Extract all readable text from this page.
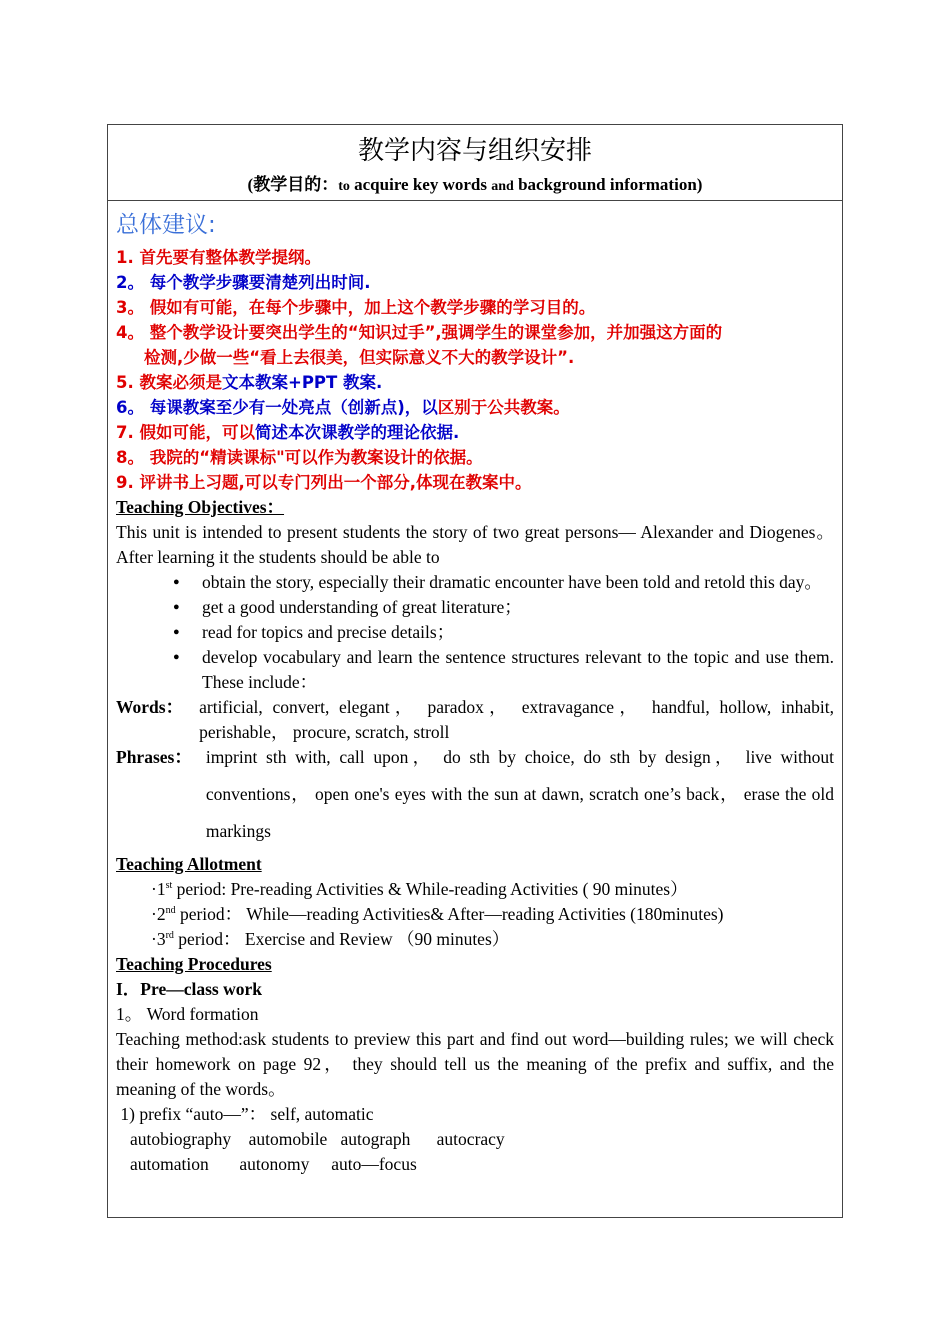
教学内容与组织安排
(教学目的：to acquire key words and background information)
总体建议:
1. 首先要有整体教学提纲。
2。 每个教学步骤要清楚列出时间.
3。 假如有可能，在每个步骤中，加上这个教学步骤的学习目的。
4。 整个教学设计要突出学生的“知识过手”,强调学生的课堂参加，并加强这方面的
检测,少做一些“看上去很美，但实际意义不大的教学设计”.
5. 教案必须是文本教案+PPT 教案.
6。 每课教案至少有一处亮点（创新点)，以区别于公共教案。
7. 假如可能，可以简述本次课教学的理论依据.
8。 我院的“精读课标"可以作为教案设计的依据。
9. 评讲书上习题,可以专门列出一个部分,体现在教案中。
Teaching Objectives：
This unit is intended to present students the story of two great persons— Alexander and Diogenes。 After learning it the students should be able to
● obtain the story, especially their dramatic encounter have been told and retold this day。
● get a good understanding of great literature；
● read for topics and precise details；
● develop vocabulary and learn the sentence structures relevant to the topic and use them. These include：
Words： artificial, convert, elegant， paradox， extravagance， handful, hollow, inhabit, perishable， procure, scratch, stroll
Phrases： imprint sth with, call upon， do sth by choice, do sth by design， live without conventions， open one's eyes with the sun at dawn, scratch one’s back， erase the old markings
Teaching Allotment
·1st period: Pre-reading Activities & While-reading Activities ( 90 minutes）
·2nd period： While—reading Activities& After—reading Activities (180minutes)
·3rd period： Exercise and Review （90 minutes）
Teaching Procedures
I．Pre—class work
1。 Word formation
Teaching method:ask students to preview this part and find out word—building rules; we will check their homework on page 92， they should tell us the meaning of the prefix and suffix, and the meaning of the words。
1) prefix “auto—”： self, automatic
autobiography    automobile   autograph      autocracy
automation       autonomy     auto—focus
